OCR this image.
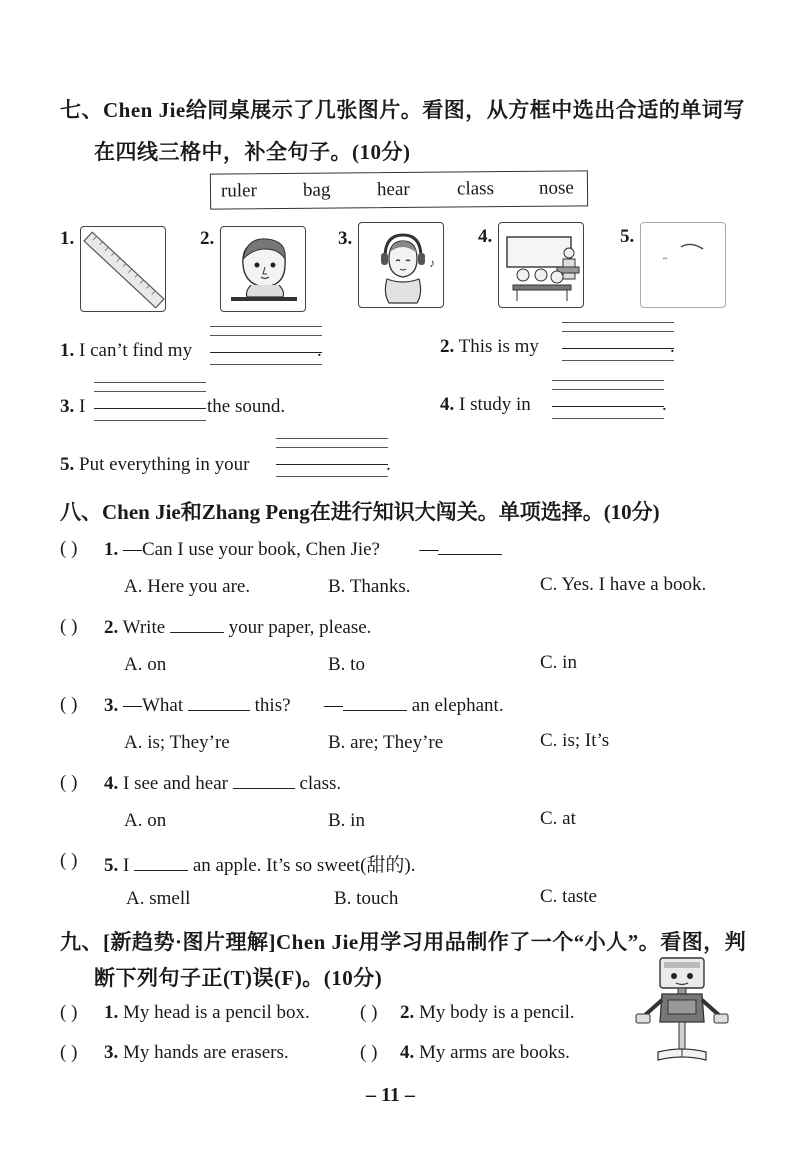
七、Chen Jie给同桌展示了几张图片。看图，从方框中选出合适的单词写
在四线三格中，补全句子。(10分)
ruler bag hear class nose
1.	2.	3.
♪
4.	5.
1. I can’t find my	.	2. This is my	.
3. I	the sound.	4. I study in	.
5. Put everything in your	.
八、Chen Jie和Zhang Peng在进行知识大闯关。单项选择。(10分)
( ) 1. —Can I use your book, Chen Jie? —
A. Here you are.	B. Thanks.	C. Yes. I have a book.
( ) 2. Write	your paper, please.
A. on	B. to	C. in
( ) 3. —What	this? —	an elephant.
A. is; They’re	B. are; They’re	C. is; It’s
( ) 4. I see and hear	class.
A. on	B. in	C. at
( ) 5. I	an apple. It’s so sweet(甜的).
A. smell	B. touch	C. taste
九、[新趋势·图片理解]Chen Jie用学习用品制作了一个“小人”。看图，判
断下列句子正(T)误(F)。(10分)
( ) 1. My head is a pencil box.	( ) 2. My body is a pencil.
( ) 3. My hands are erasers.	( ) 4. My arms are books.
– 11 –
